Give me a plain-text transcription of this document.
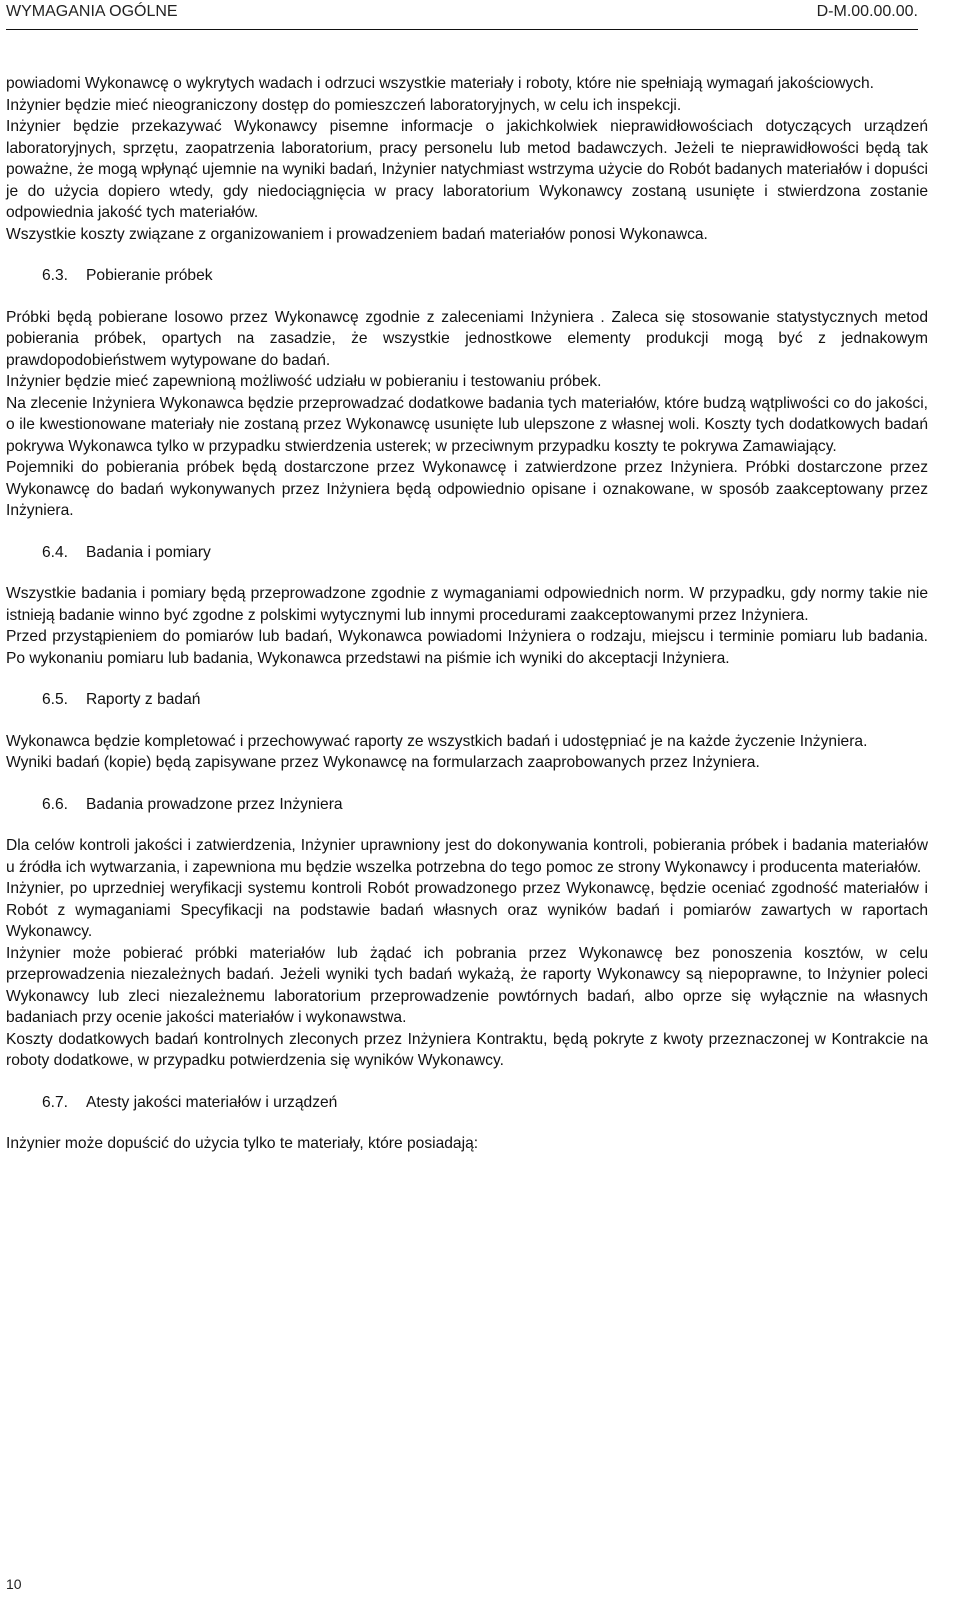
WYMAGANIA OGÓLNE	D-M.00.00.00.

powiadomi Wykonawcę o wykrytych wadach i odrzuci wszystkie materiały i roboty, które nie spełniają wymagań jakościowych.

Inżynier będzie mieć nieograniczony dostęp do pomieszczeń laboratoryjnych, w celu ich inspekcji.

Inżynier będzie przekazywać Wykonawcy pisemne informacje o jakichkolwiek nieprawidłowościach dotyczących urządzeń laboratoryjnych, sprzętu, zaopatrzenia laboratorium, pracy personelu lub metod badawczych. Jeżeli te nieprawidłowości będą tak poważne, że mogą wpłynąć ujemnie na wyniki badań, Inżynier natychmiast wstrzyma użycie do Robót badanych materiałów i dopuści je do użycia dopiero wtedy, gdy niedociągnięcia w pracy laboratorium Wykonawcy zostaną usunięte i stwierdzona zostanie odpowiednia jakość tych materiałów.

Wszystkie koszty związane z organizowaniem i prowadzeniem badań materiałów ponosi Wykonawca.

6.3. Pobieranie próbek

Próbki będą pobierane losowo przez Wykonawcę zgodnie z zaleceniami Inżyniera . Zaleca się stosowanie statystycznych metod pobierania próbek, opartych na zasadzie, że wszystkie jednostkowe elementy produkcji mogą być z jednakowym prawdopodobieństwem wytypowane do badań.

Inżynier będzie mieć zapewnioną możliwość udziału w pobieraniu i testowaniu próbek.

Na zlecenie Inżyniera Wykonawca będzie przeprowadzać dodatkowe badania tych materiałów, które budzą wątpliwości co do jakości, o ile kwestionowane materiały nie zostaną przez Wykonawcę usunięte lub ulepszone z własnej woli. Koszty tych dodatkowych badań pokrywa Wykonawca tylko w przypadku stwierdzenia usterek; w przeciwnym przypadku koszty te pokrywa Zamawiający.

Pojemniki do pobierania próbek będą dostarczone przez Wykonawcę i zatwierdzone przez Inżyniera. Próbki dostarczone przez Wykonawcę do badań wykonywanych przez Inżyniera będą odpowiednio opisane i oznakowane, w sposób zaakceptowany przez Inżyniera.

6.4. Badania i pomiary

Wszystkie badania i pomiary będą przeprowadzone zgodnie z wymaganiami odpowiednich norm. W przypadku, gdy normy takie nie istnieją badanie winno być zgodne z polskimi wytycznymi lub innymi procedurami zaakceptowanymi przez Inżyniera.

Przed przystąpieniem do pomiarów lub badań, Wykonawca powiadomi Inżyniera o rodzaju, miejscu i terminie pomiaru lub badania. Po wykonaniu pomiaru lub badania, Wykonawca przedstawi na piśmie ich wyniki do akceptacji Inżyniera.

6.5. Raporty z badań

Wykonawca będzie kompletować i przechowywać raporty ze wszystkich badań i udostępniać je na każde życzenie Inżyniera.

Wyniki badań (kopie) będą zapisywane przez Wykonawcę na formularzach zaaprobowanych przez Inżyniera.

6.6. Badania prowadzone przez Inżyniera

Dla celów kontroli jakości i zatwierdzenia, Inżynier uprawniony jest do dokonywania kontroli, pobierania próbek i badania materiałów u źródła ich wytwarzania, i zapewniona mu będzie wszelka potrzebna do tego pomoc ze strony Wykonawcy i producenta materiałów.

Inżynier, po uprzedniej weryfikacji systemu kontroli Robót prowadzonego przez Wykonawcę, będzie oceniać zgodność materiałów i Robót z wymaganiami Specyfikacji na podstawie badań własnych oraz wyników badań i pomiarów zawartych w raportach Wykonawcy.

Inżynier może pobierać próbki materiałów lub żądać ich pobrania przez Wykonawcę bez ponoszenia kosztów, w celu przeprowadzenia niezależnych badań. Jeżeli wyniki tych badań wykażą, że raporty Wykonawcy są niepoprawne, to Inżynier poleci Wykonawcy lub zleci niezależnemu laboratorium przeprowadzenie powtórnych badań, albo oprze się wyłącznie na własnych badaniach przy ocenie jakości materiałów i wykonawstwa.

Koszty dodatkowych badań kontrolnych zleconych przez Inżyniera Kontraktu, będą pokryte z kwoty przeznaczonej w Kontrakcie na roboty dodatkowe, w przypadku potwierdzenia się wyników Wykonawcy.

6.7. Atesty jakości materiałów i urządzeń

Inżynier może dopuścić do użycia tylko te materiały, które posiadają:

10
